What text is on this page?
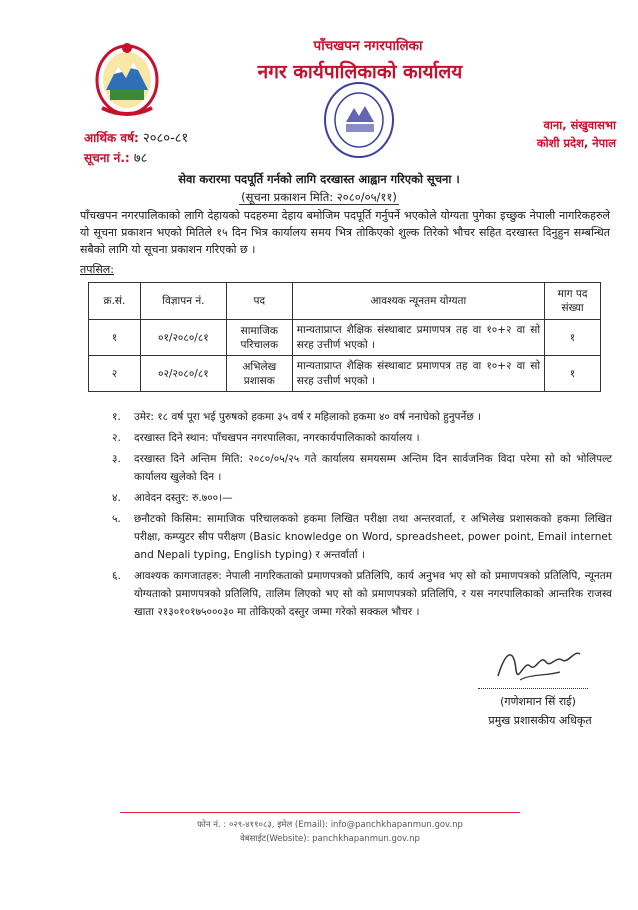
पाँचखपन नगरपालिका
नगर कार्यपालिकाको कार्यालय
वाना, संखुवासभा
कोशी प्रदेश, नेपाल
आर्थिक वर्ष: २०८०-८१
सूचना नं.: ७८
सेवा करारमा पदपूर्ति गर्नको लागि दरखास्त आह्वान गरिएको सूचना ।
(सूचना प्रकाशन मिति: २०८०/०५/११)
पाँचखपन नगरपालिकाको लागि देहायको पदहरुमा देहाय बमोजिम पदपूर्ति गर्नुपर्ने भएकोले योग्यता पुगेका इच्छुक नेपाली नागरिकहरुले यो सूचना प्रकाशन भएको मितिले १५ दिन भित्र कार्यालय समय भित्र तोकिएको शुल्क तिरेको भौचर सहित दरखास्त दिनुहुन सम्बन्धित सबैको लागि यो सूचना प्रकाशन गरिएको छ ।
तपसिल:
क्र.सं.	विज्ञापन नं.	पद	आवश्यक न्यूनतम योग्यता	माग पद संख्या
१	०१/२०८०/८१	सामाजिक परिचालक	मान्यताप्राप्त शैक्षिक संस्थाबाट प्रमाणपत्र तह वा १०+२ वा सो सरह उत्तीर्ण भएको ।	१
२	०२/२०८०/८१	अभिलेख प्रशासक	मान्यताप्राप्त शैक्षिक संस्थाबाट प्रमाणपत्र तह वा १०+२ वा सो सरह उत्तीर्ण भएको ।	१
१. उमेर: १८ वर्ष पूरा भई पुरुषको हकमा ३५ वर्ष र महिलाको हकमा ४० वर्ष ननाघेको हुनुपर्नेछ ।
२. दरखास्त दिने स्थान: पाँचखपन नगरपालिका, नगरकार्यपालिकाको कार्यालय ।
३. दरखास्त दिने अन्तिम मिति: २०८०/०५/२५ गते कार्यालय समयसम्म अन्तिम दिन सार्वजनिक विदा परेमा सो को भोलिपल्ट कार्यालय खुलेको दिन ।
४. आवेदन दस्तुर: रु.७००।—
५. छनौटको किसिम: सामाजिक परिचालकको हकमा लिखित परीक्षा तथा अन्तरवार्ता, र अभिलेख प्रशासकको हकमा लिखित परीक्षा, कम्प्युटर सीप परीक्षण (Basic knowledge on Word, spreadsheet, power point, Email internet and Nepali typing, English typing) र अन्तर्वार्ता ।
६. आवश्यक कागजातहरु: नेपाली नागरिकताको प्रमाणपत्रको प्रतिलिपि, कार्य अनुभव भए सो को प्रमाणपत्रको प्रतिलिपि, न्यूनतम योग्यताको प्रमाणपत्रको प्रतिलिपि, तालिम लिएको भए सो को प्रमाणपत्रको प्रतिलिपि, र यस नगरपालिकाको आन्तरिक राजस्व खाता २१३०१०१७५०००३० मा तोकिएको दस्तुर जम्मा गरेको सक्कल भौचर ।
(गणेशमान सिं राई)
प्रमुख प्रशासकीय अधिकृत
फोन नं. : ०२९-४११०८३, इमेल (Email): info@panchkhapanmun.gov.np
वेबसाईट(Website): panchkhapanmun.gov.np
